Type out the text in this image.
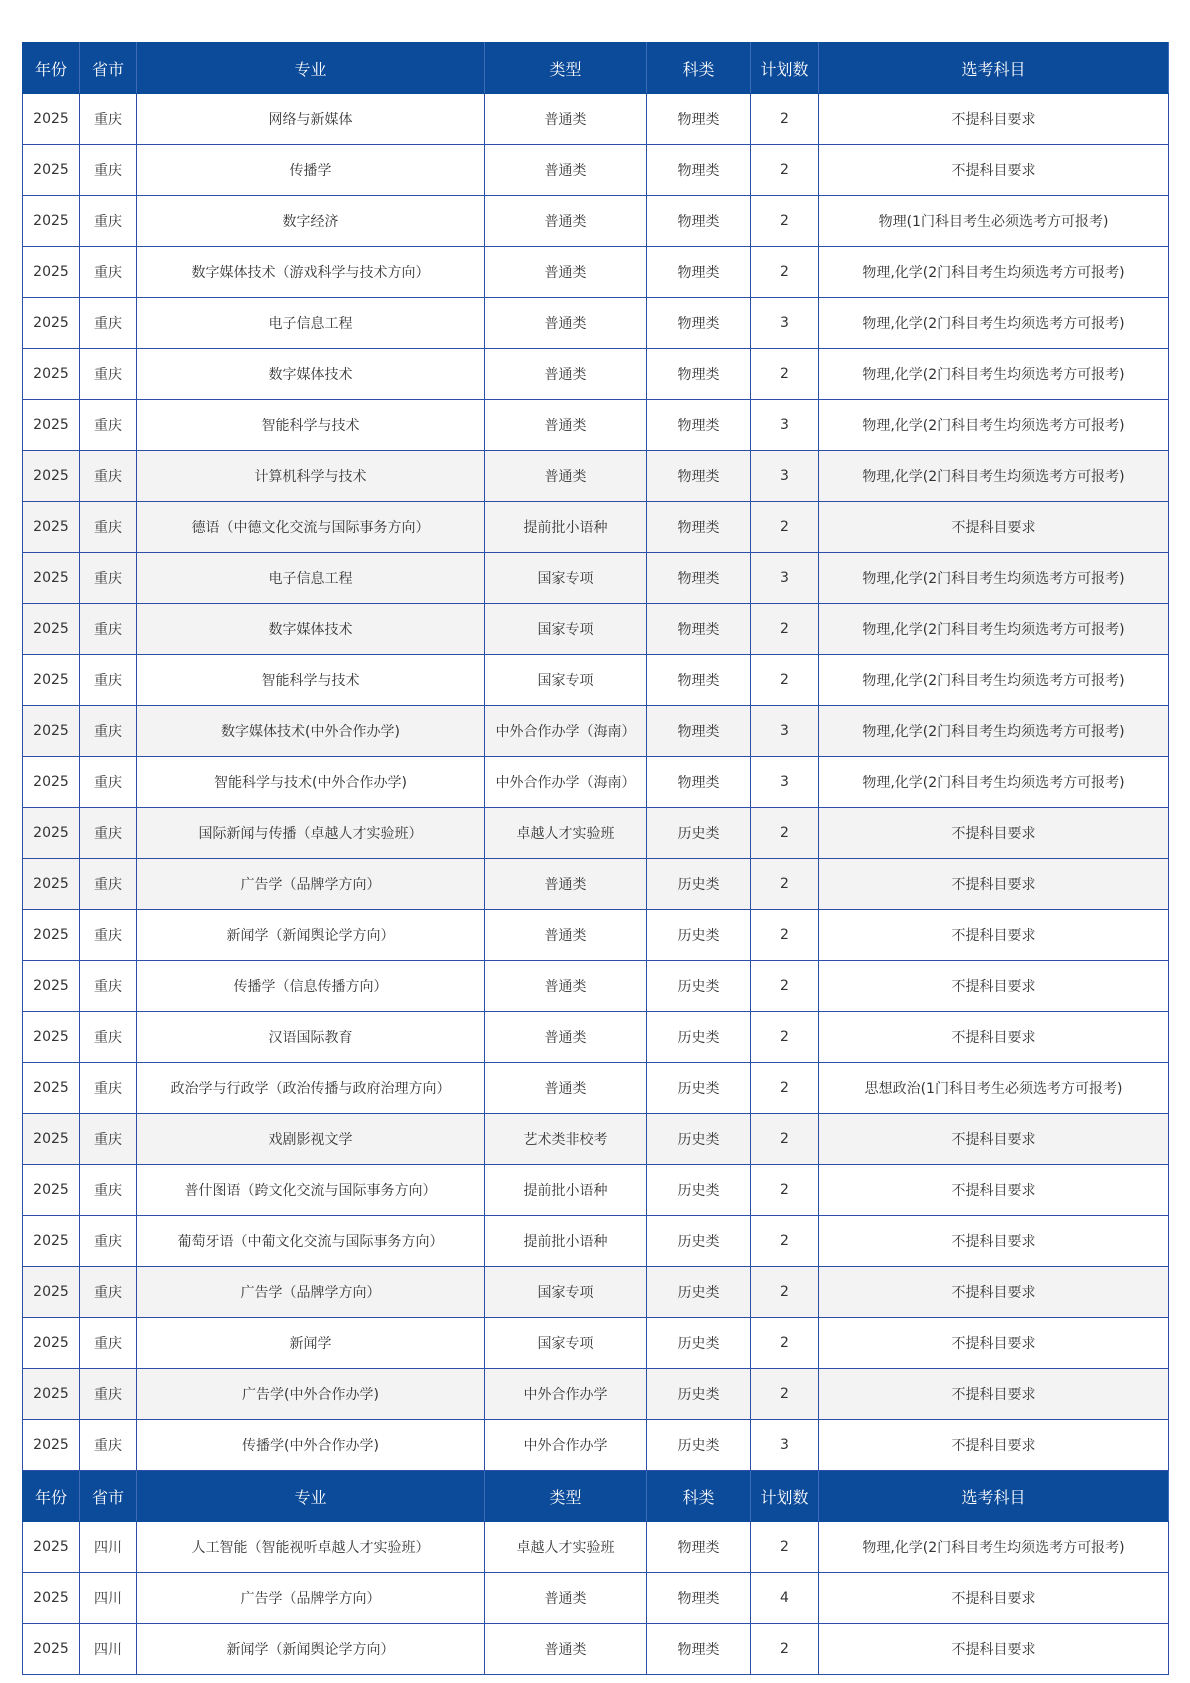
年份	省市	专业	类型	科类	计划数	选考科目
2025	重庆	网络与新媒体	普通类	物理类	2	不提科目要求
2025	重庆	传播学	普通类	物理类	2	不提科目要求
2025	重庆	数字经济	普通类	物理类	2	物理(1门科目考生必须选考方可报考)
2025	重庆	数字媒体技术（游戏科学与技术方向）	普通类	物理类	2	物理,化学(2门科目考生均须选考方可报考)
2025	重庆	电子信息工程	普通类	物理类	3	物理,化学(2门科目考生均须选考方可报考)
2025	重庆	数字媒体技术	普通类	物理类	2	物理,化学(2门科目考生均须选考方可报考)
2025	重庆	智能科学与技术	普通类	物理类	3	物理,化学(2门科目考生均须选考方可报考)
2025	重庆	计算机科学与技术	普通类	物理类	3	物理,化学(2门科目考生均须选考方可报考)
2025	重庆	德语（中德文化交流与国际事务方向）	提前批小语种	物理类	2	不提科目要求
2025	重庆	电子信息工程	国家专项	物理类	3	物理,化学(2门科目考生均须选考方可报考)
2025	重庆	数字媒体技术	国家专项	物理类	2	物理,化学(2门科目考生均须选考方可报考)
2025	重庆	智能科学与技术	国家专项	物理类	2	物理,化学(2门科目考生均须选考方可报考)
2025	重庆	数字媒体技术(中外合作办学)	中外合作办学（海南）	物理类	3	物理,化学(2门科目考生均须选考方可报考)
2025	重庆	智能科学与技术(中外合作办学)	中外合作办学（海南）	物理类	3	物理,化学(2门科目考生均须选考方可报考)
2025	重庆	国际新闻与传播（卓越人才实验班）	卓越人才实验班	历史类	2	不提科目要求
2025	重庆	广告学（品牌学方向）	普通类	历史类	2	不提科目要求
2025	重庆	新闻学（新闻舆论学方向）	普通类	历史类	2	不提科目要求
2025	重庆	传播学（信息传播方向）	普通类	历史类	2	不提科目要求
2025	重庆	汉语国际教育	普通类	历史类	2	不提科目要求
2025	重庆	政治学与行政学（政治传播与政府治理方向）	普通类	历史类	2	思想政治(1门科目考生必须选考方可报考)
2025	重庆	戏剧影视文学	艺术类非校考	历史类	2	不提科目要求
2025	重庆	普什图语（跨文化交流与国际事务方向）	提前批小语种	历史类	2	不提科目要求
2025	重庆	葡萄牙语（中葡文化交流与国际事务方向）	提前批小语种	历史类	2	不提科目要求
2025	重庆	广告学（品牌学方向）	国家专项	历史类	2	不提科目要求
2025	重庆	新闻学	国家专项	历史类	2	不提科目要求
2025	重庆	广告学(中外合作办学)	中外合作办学	历史类	2	不提科目要求
2025	重庆	传播学(中外合作办学)	中外合作办学	历史类	3	不提科目要求
年份	省市	专业	类型	科类	计划数	选考科目
2025	四川	人工智能（智能视听卓越人才实验班）	卓越人才实验班	物理类	2	物理,化学(2门科目考生均须选考方可报考)
2025	四川	广告学（品牌学方向）	普通类	物理类	4	不提科目要求
2025	四川	新闻学（新闻舆论学方向）	普通类	物理类	2	不提科目要求
